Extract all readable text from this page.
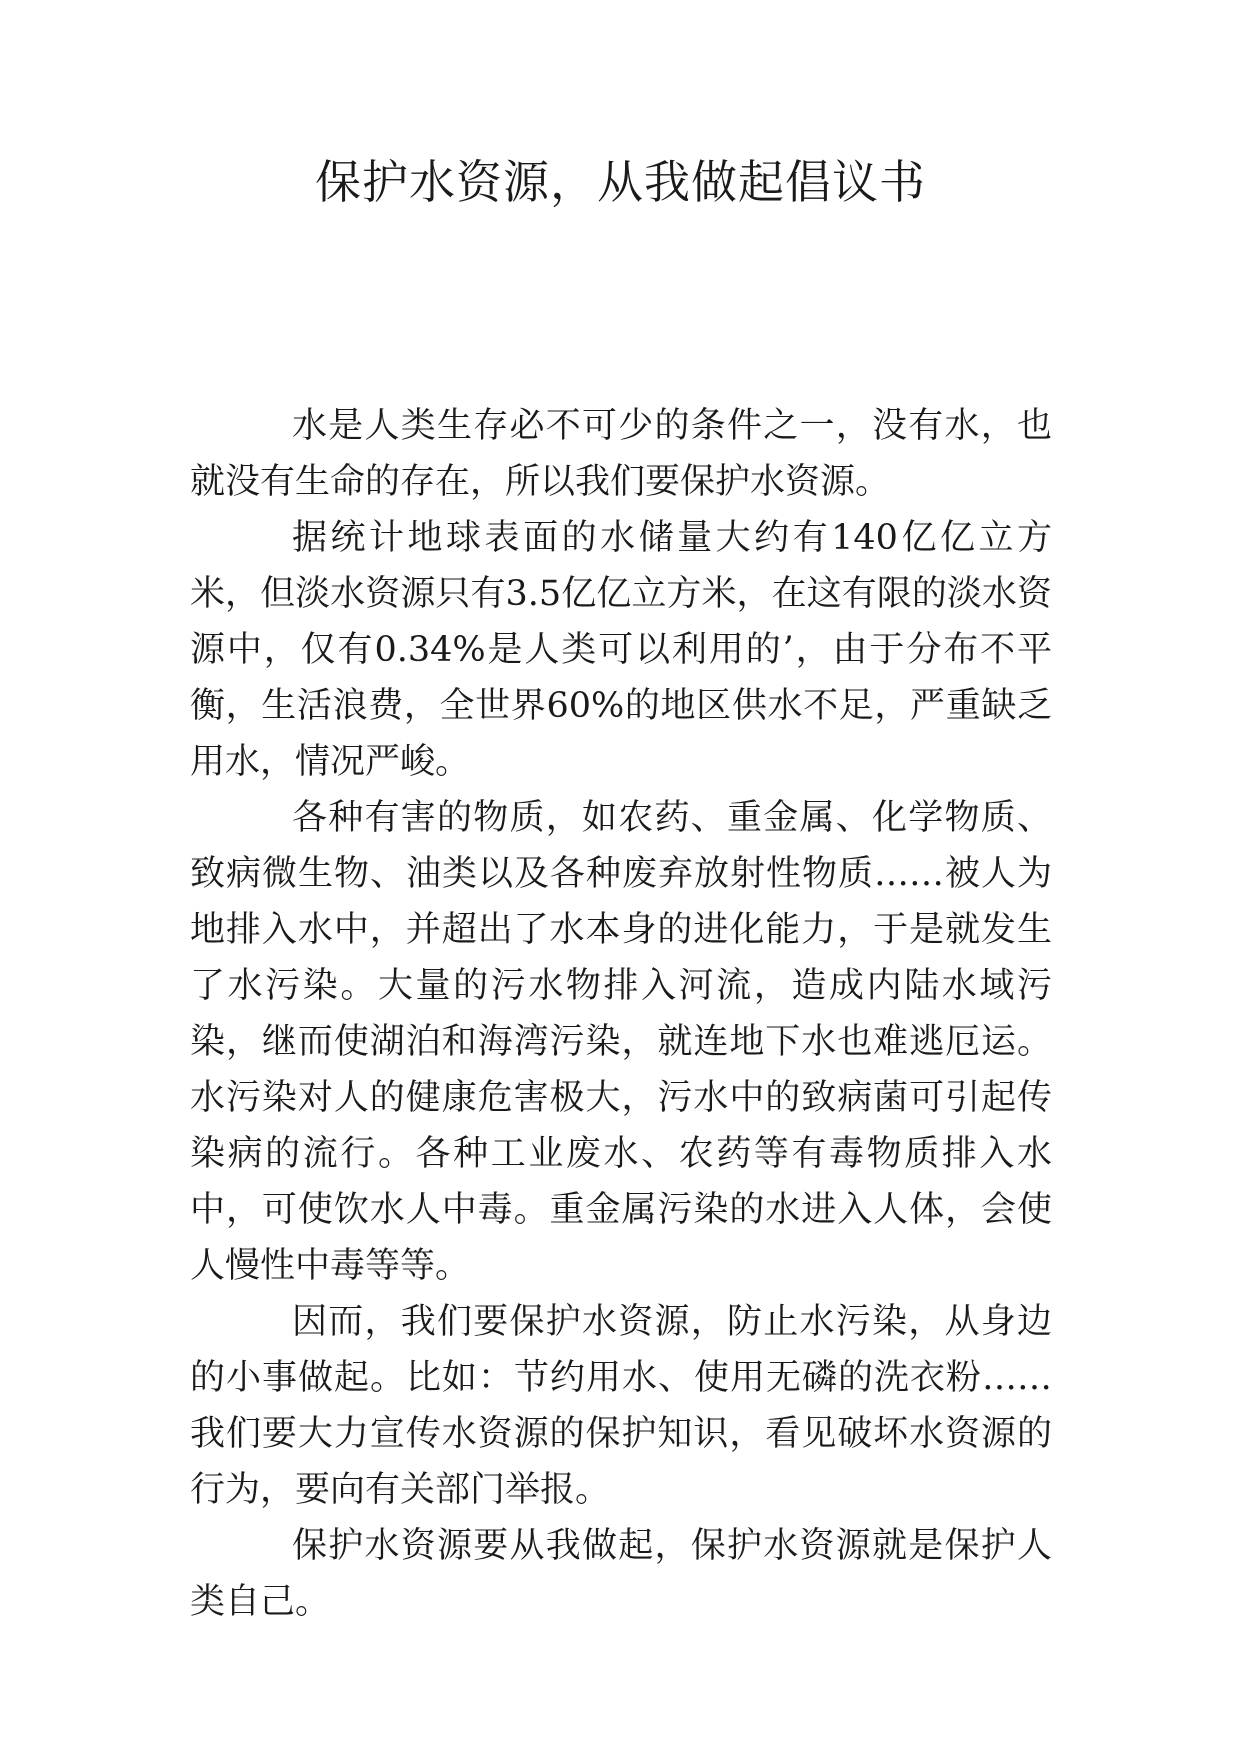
保护水资源，从我做起倡议书

水是人类生存必不可少的条件之一，没有水，也就没有生命的存在，所以我们要保护水资源。

据统计地球表面的水储量大约有140亿亿立方米，但淡水资源只有3.5亿亿立方米，在这有限的淡水资源中，仅有0.34%是人类可以利用的’，由于分布不平衡，生活浪费，全世界60%的地区供水不足，严重缺乏用水，情况严峻。

各种有害的物质，如农药、重金属、化学物质、致病微生物、油类以及各种废弃放射性物质……被人为地排入水中，并超出了水本身的进化能力，于是就发生了水污染。大量的污水物排入河流，造成内陆水域污染，继而使湖泊和海湾污染，就连地下水也难逃厄运。水污染对人的健康危害极大，污水中的致病菌可引起传染病的流行。各种工业废水、农药等有毒物质排入水中，可使饮水人中毒。重金属污染的水进入人体，会使人慢性中毒等等。

因而，我们要保护水资源，防止水污染，从身边的小事做起。比如：节约用水、使用无磷的洗衣粉……我们要大力宣传水资源的保护知识，看见破坏水资源的行为，要向有关部门举报。

保护水资源要从我做起，保护水资源就是保护人类自己。
